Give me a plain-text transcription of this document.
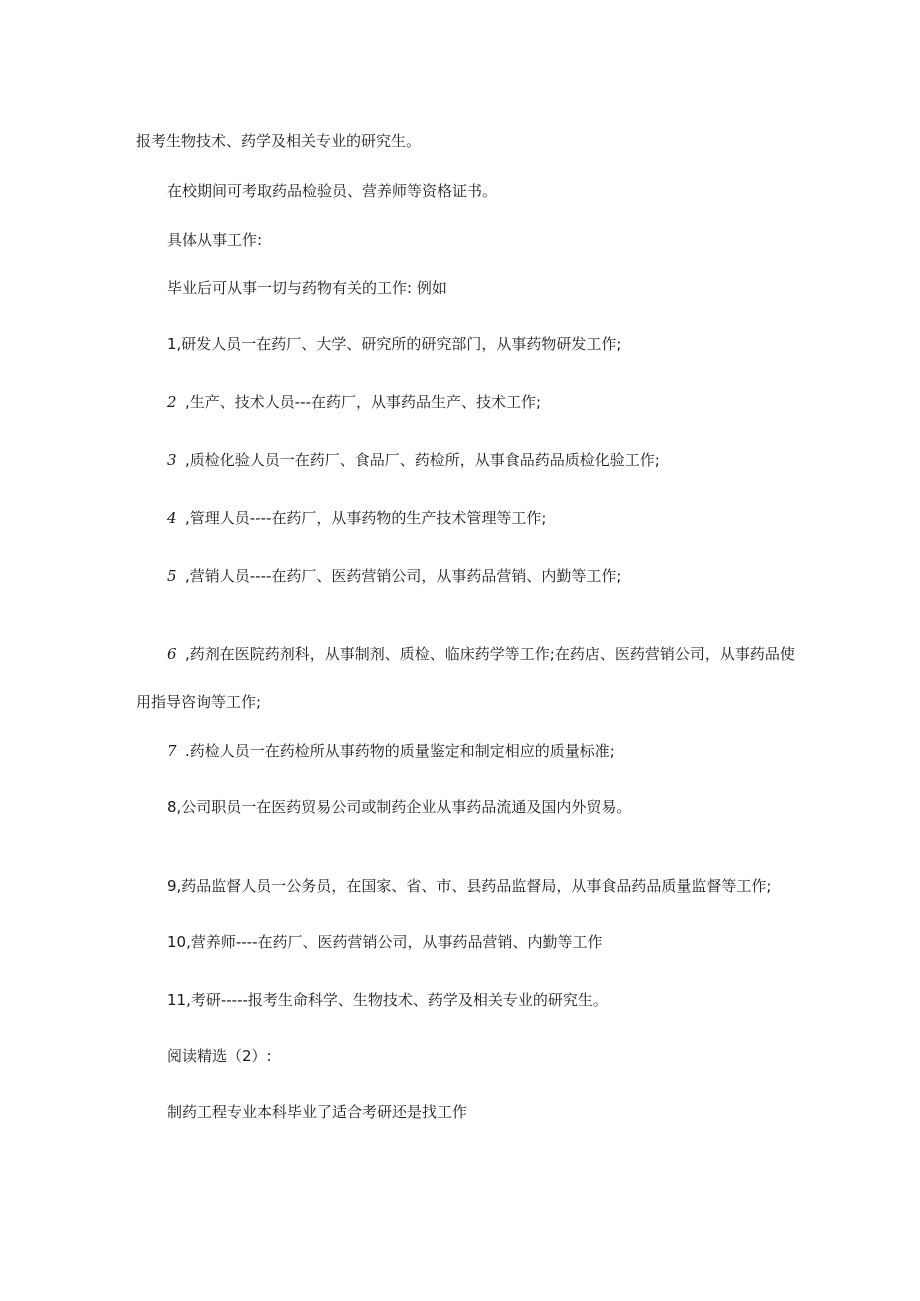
报考生物技术、药学及相关专业的研究生。
在校期间可考取药品检验员、营养师等资格证书。
具体从事工作:
毕业后可从事一切与药物有关的工作: 例如
1,研发人员一在药厂、大学、研究所的研究部门，从事药物研发工作;
2 ,生产、技术人员---在药厂，从事药品生产、技术工作;
3 ,质检化验人员一在药厂、食品厂、药检所，从事食品药品质检化验工作;
4 ,管理人员----在药厂，从事药物的生产技术管理等工作;
5 ,营销人员----在药厂、医药营销公司，从事药品营销、内勤等工作;
6 ,药剂在医院药剂科，从事制剂、质检、临床药学等工作;在药店、医药营销公司，从事药品使
用指导咨询等工作;
7 .药检人员一在药检所从事药物的质量鉴定和制定相应的质量标准;
8,公司职员一在医药贸易公司或制药企业从事药品流通及国内外贸易。
9,药品监督人员一公务员，在国家、省、市、县药品监督局，从事食品药品质量监督等工作;
10,营养师----在药厂、医药营销公司，从事药品营销、内勤等工作
11,考研-----报考生命科学、生物技术、药学及相关专业的研究生。
阅读精选（2）:
制药工程专业本科毕业了适合考研还是找工作
